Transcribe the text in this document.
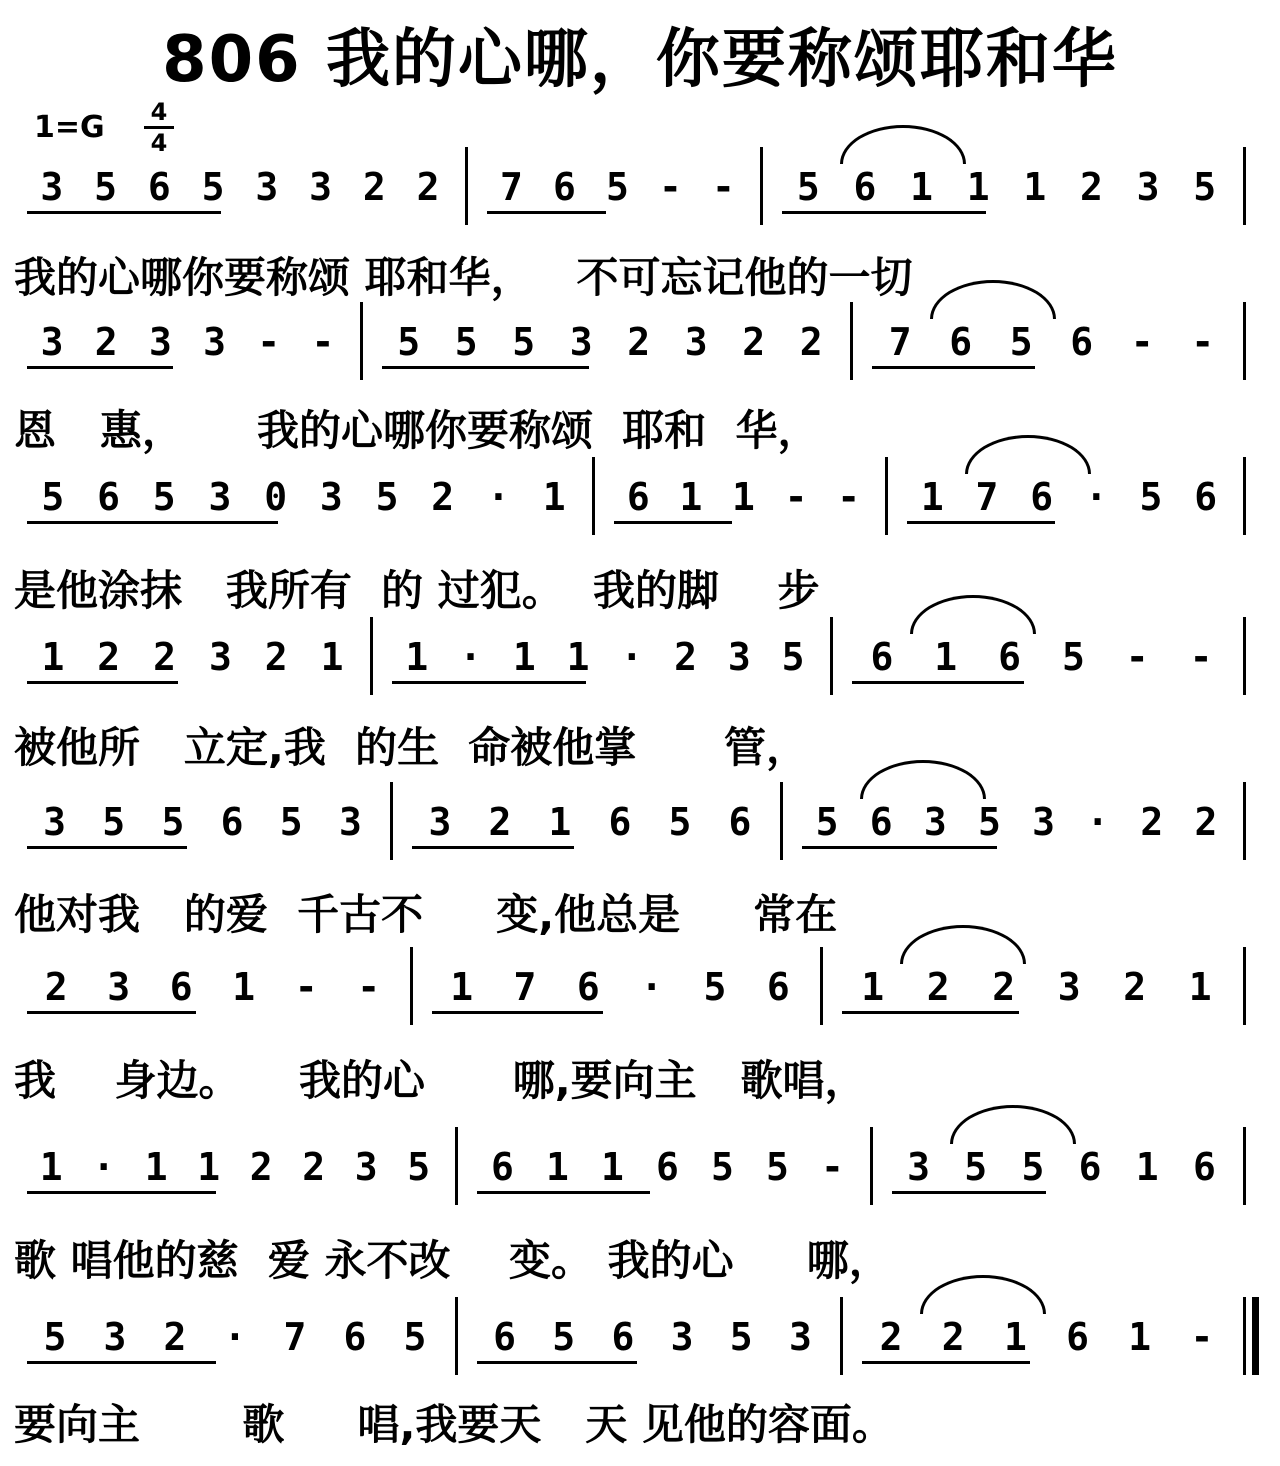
806 我的心哪，你要称颂耶和华
1=G 4
4
3 5 6 5 3 3 2 2 7 6 5 - - 5 6 1 1 1 2 3 5
我的心哪你要称颂 耶和华，   不可忘记他的一切
3 2 3 3 - - 5 5 5 3 2 3 2 2 7 6 5 6 - -
恩   惠，     我的心哪你要称颂  耶和  华，
5 6 5 3 0 3 5 2 · 1 6 1 1 - - 1 7 6 · 5 6
是他涂抹   我所有  的 过犯。  我的脚    步
1 2 2 3 2 1 1 · 1 1 · 2 3 5 6 1 6 5 - -
被他所   立定,我  的生  命被他掌      管，
3 5 5 6 5 3 3 2 1 6 5 6 5 6 3 5 3 · 2 2
他对我   的爱  千古不     变,他总是     常在
2 3 6 1 - - 1 7 6 · 5 6 1 2 2 3 2 1
我    身边。    我的心      哪,要向主   歌唱，
1 · 1 1 2 2 3 5 6 1 1 6 5 5 - 3 5 5 6 1 6
歌 唱他的慈  爱 永不改    变。 我的心     哪，
5 3 2 · 7 6 5 6 5 6 3 5 3 2 2 1 6 1 -
要向主       歌     唱,我要天   天 见他的容面。
